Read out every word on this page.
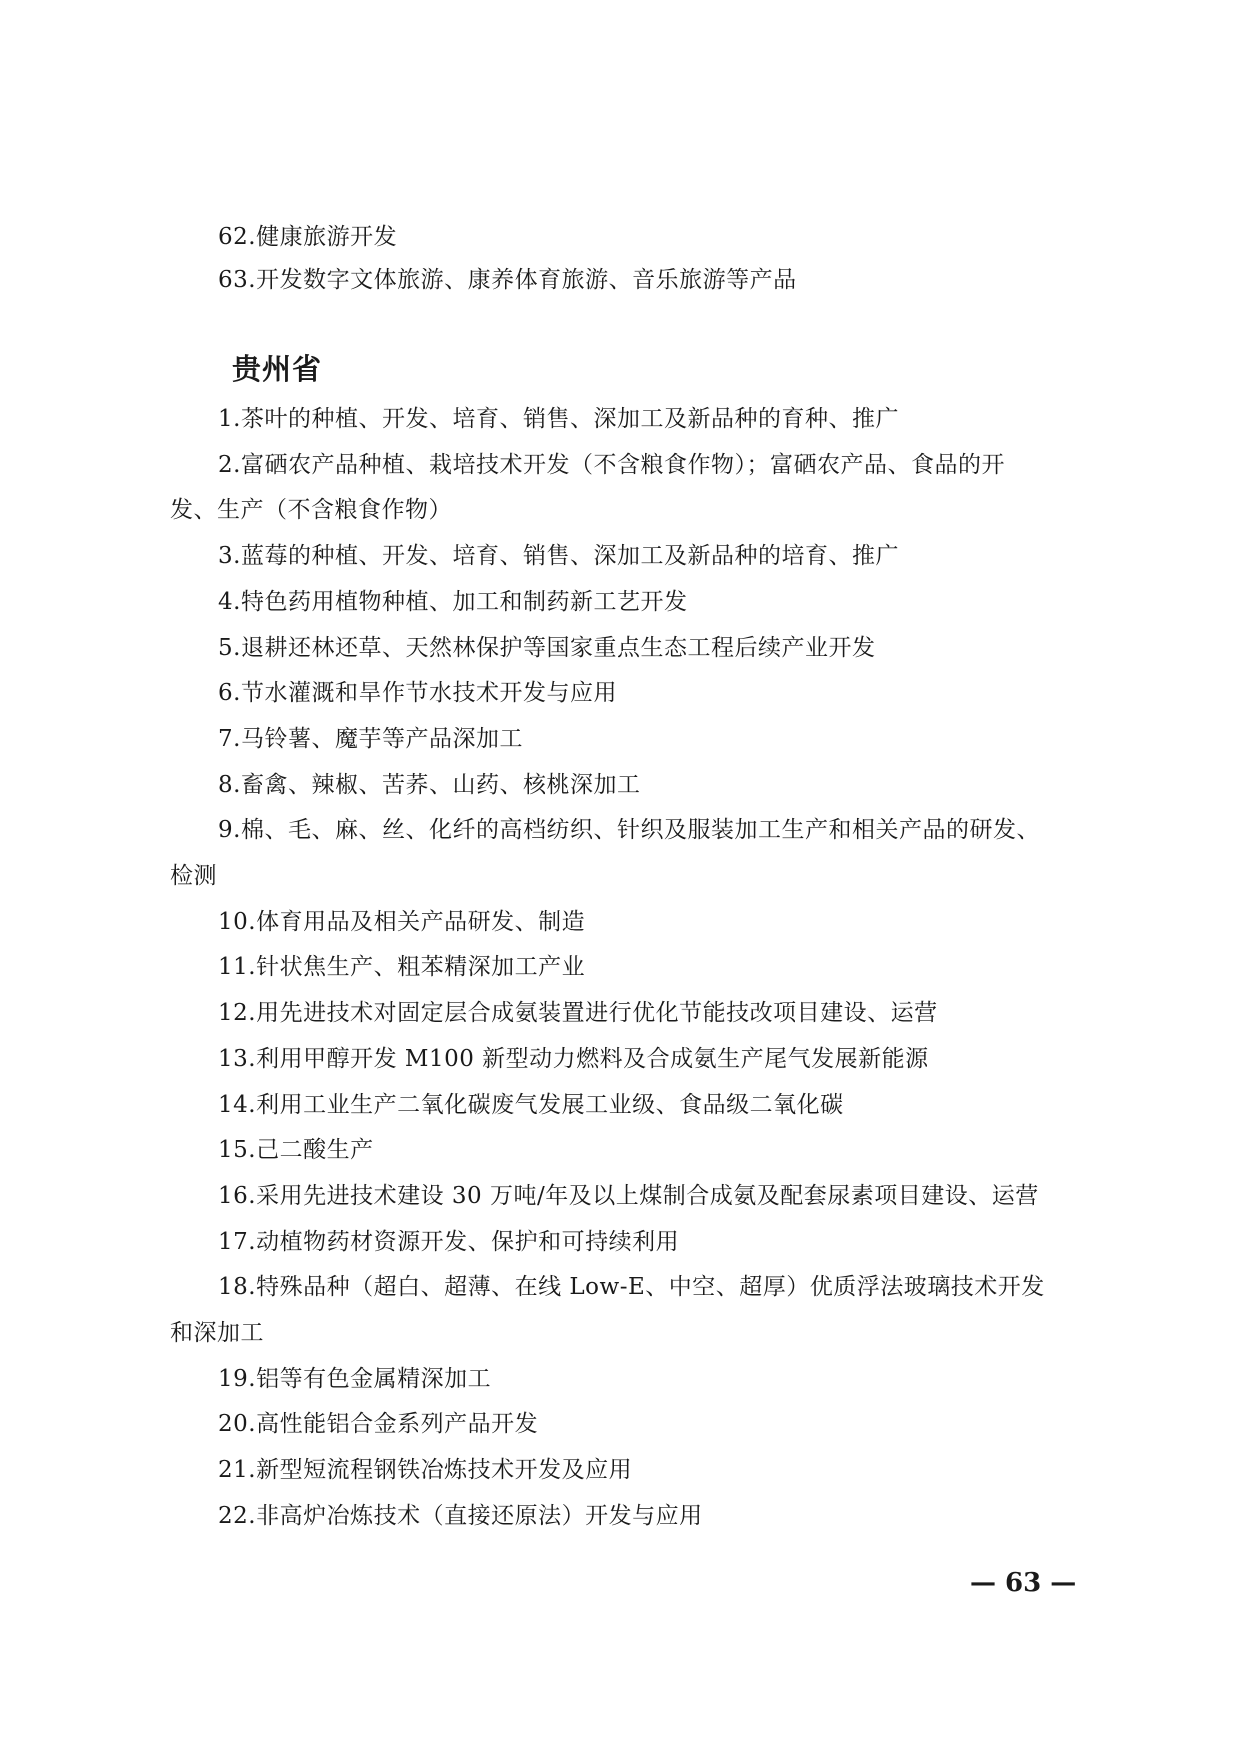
62.健康旅游开发
63.开发数字文体旅游、康养体育旅游、音乐旅游等产品
贵州省
1.茶叶的种植、开发、培育、销售、深加工及新品种的育种、推广
2.富硒农产品种植、栽培技术开发（不含粮食作物）；富硒农产品、食品的开
发、生产（不含粮食作物）
3.蓝莓的种植、开发、培育、销售、深加工及新品种的培育、推广
4.特色药用植物种植、加工和制药新工艺开发
5.退耕还林还草、天然林保护等国家重点生态工程后续产业开发
6.节水灌溉和旱作节水技术开发与应用
7.马铃薯、魔芋等产品深加工
8.畜禽、辣椒、苦荞、山药、核桃深加工
9.棉、毛、麻、丝、化纤的高档纺织、针织及服装加工生产和相关产品的研发、
检测
10.体育用品及相关产品研发、制造
11.针状焦生产、粗苯精深加工产业
12.用先进技术对固定层合成氨装置进行优化节能技改项目建设、运营
13.利用甲醇开发 M100 新型动力燃料及合成氨生产尾气发展新能源
14.利用工业生产二氧化碳废气发展工业级、食品级二氧化碳
15.己二酸生产
16.采用先进技术建设 30 万吨/年及以上煤制合成氨及配套尿素项目建设、运营
17.动植物药材资源开发、保护和可持续利用
18.特殊品种（超白、超薄、在线 Low-E、中空、超厚）优质浮法玻璃技术开发
和深加工
19.铝等有色金属精深加工
20.高性能铝合金系列产品开发
21.新型短流程钢铁冶炼技术开发及应用
22.非高炉冶炼技术（直接还原法）开发与应用
— 63 —
